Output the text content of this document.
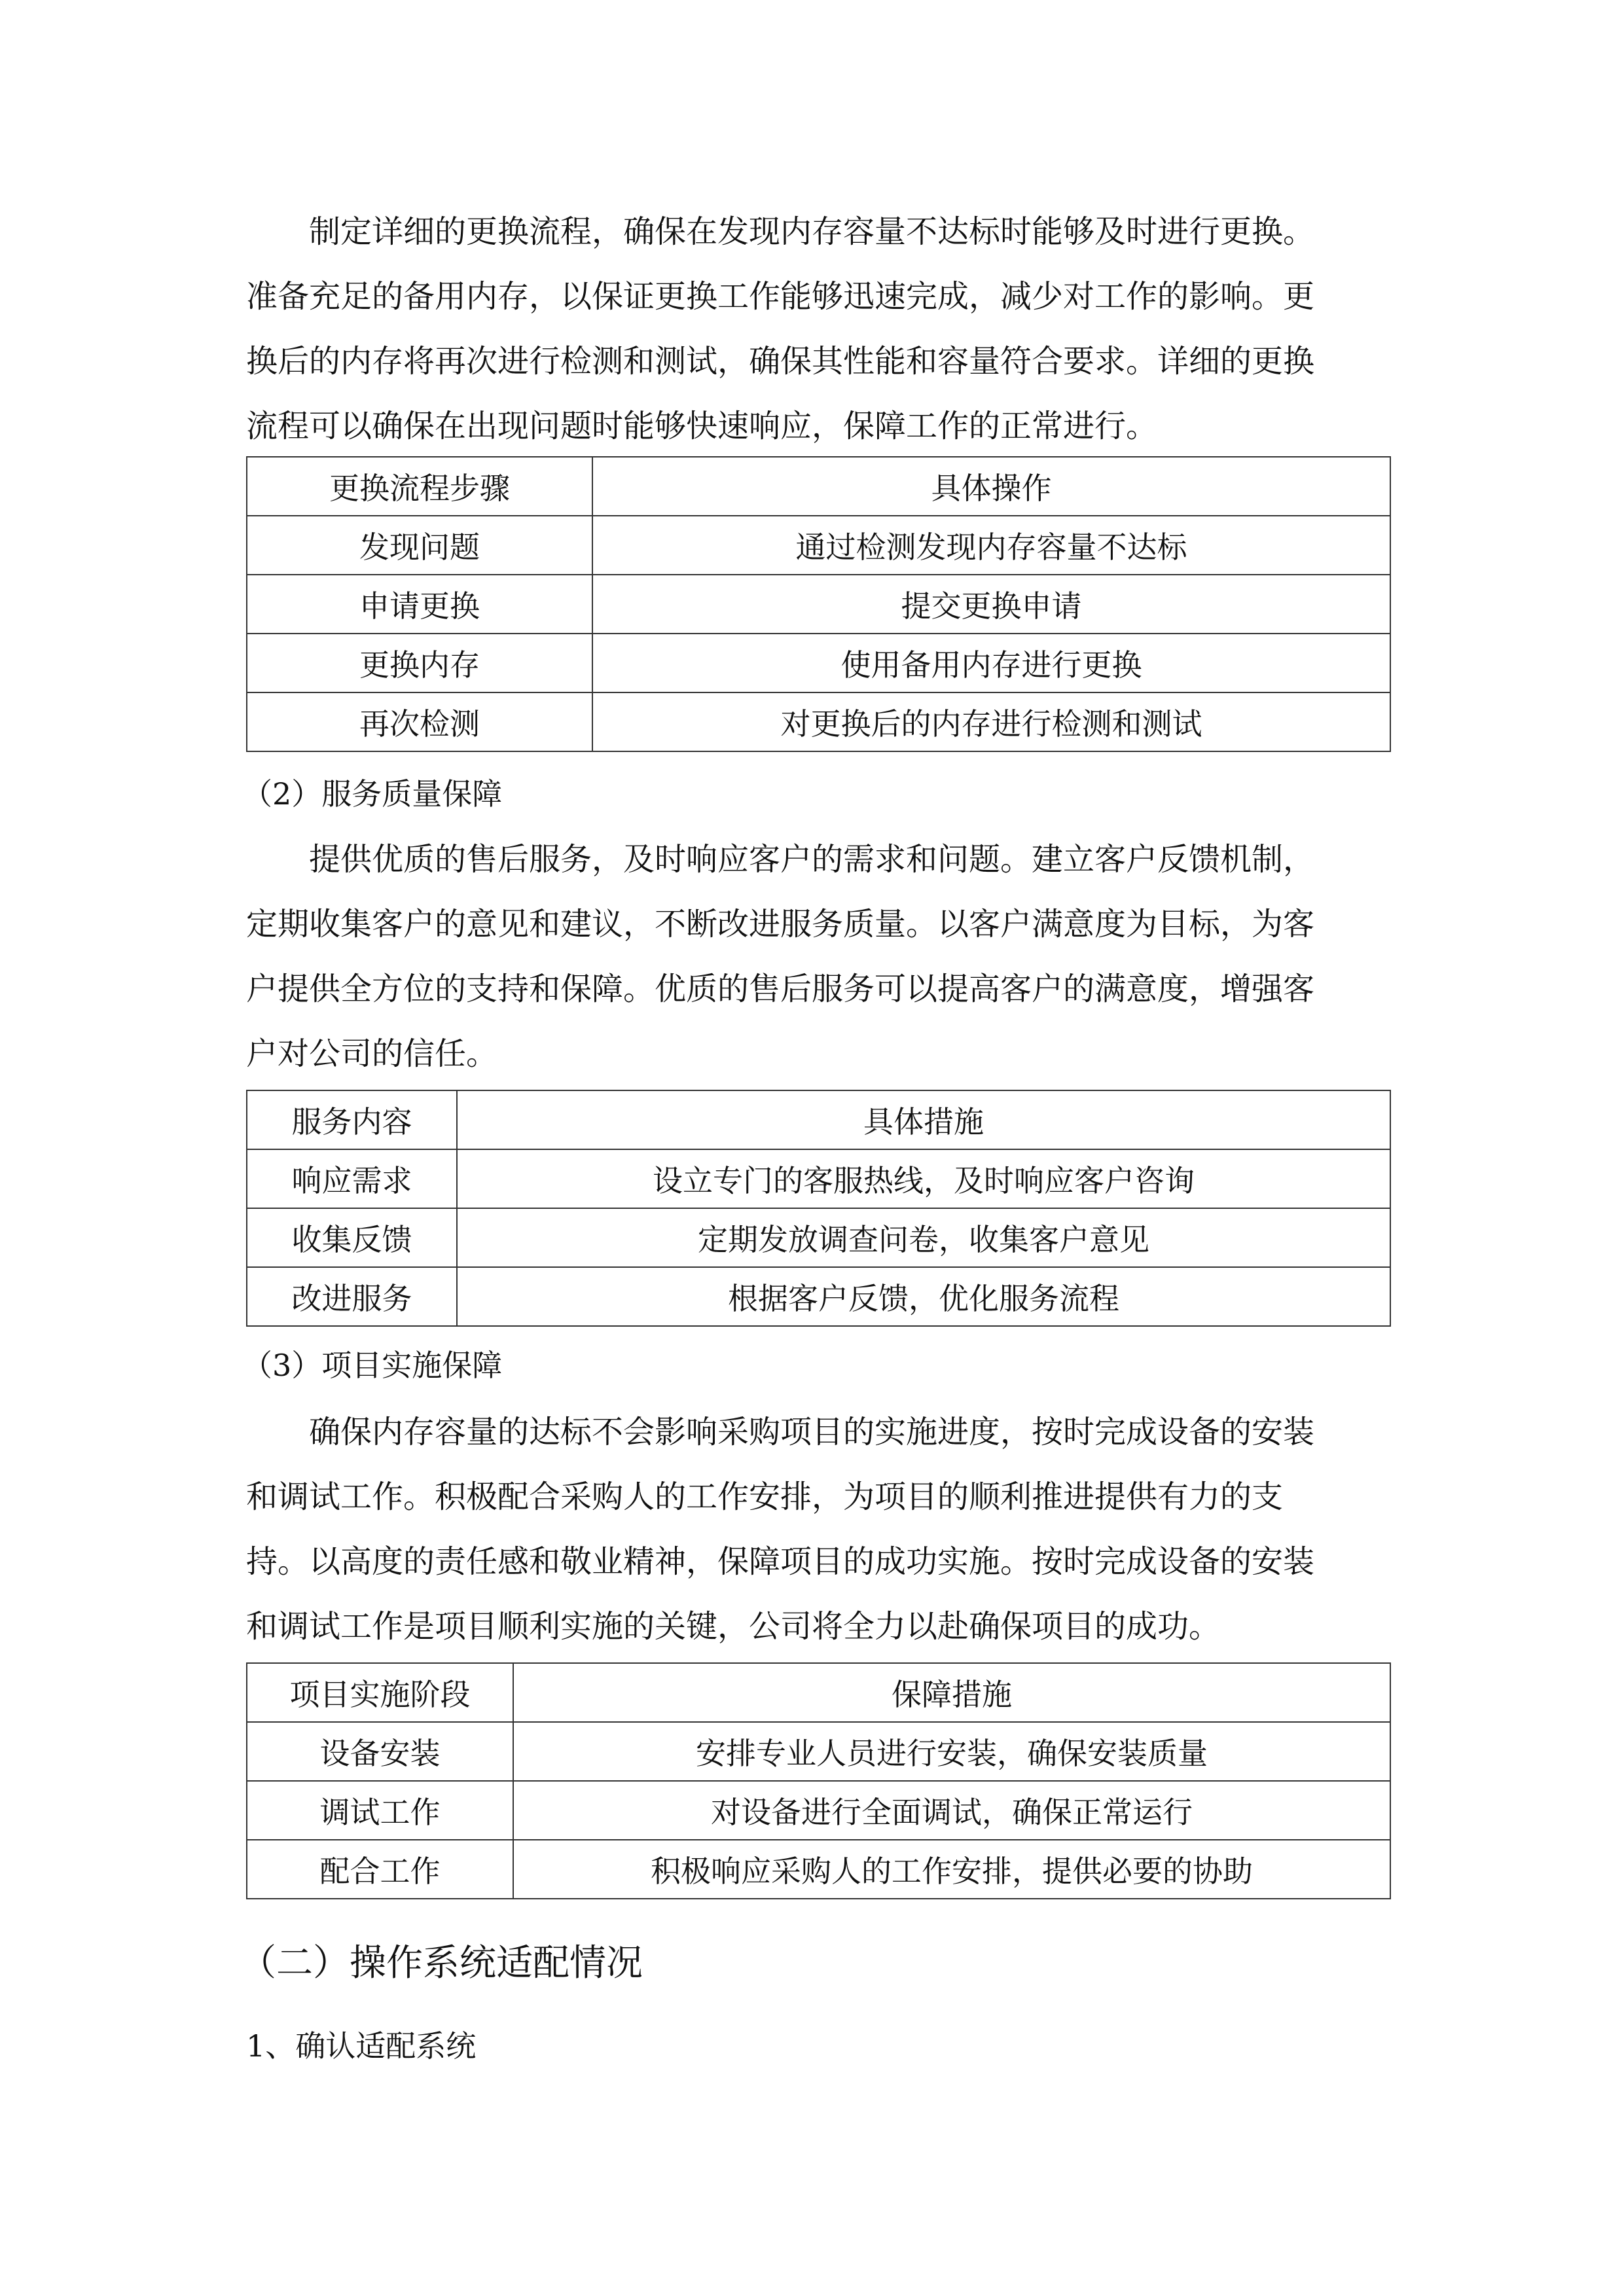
制定详细的更换流程，确保在发现内存容量不达标时能够及时进行更换。
准备充足的备用内存，以保证更换工作能够迅速完成，减少对工作的影响。更
换后的内存将再次进行检测和测试，确保其性能和容量符合要求。详细的更换
流程可以确保在出现问题时能够快速响应，保障工作的正常进行。
更换流程步骤	具体操作
发现问题	通过检测发现内存容量不达标
申请更换	提交更换申请
更换内存	使用备用内存进行更换
再次检测	对更换后的内存进行检测和测试

（2）服务质量保障

提供优质的售后服务，及时响应客户的需求和问题。建立客户反馈机制，
定期收集客户的意见和建议，不断改进服务质量。以客户满意度为目标，为客
户提供全方位的支持和保障。优质的售后服务可以提高客户的满意度，增强客
户对公司的信任。
服务内容	具体措施
响应需求	设立专门的客服热线，及时响应客户咨询
收集反馈	定期发放调查问卷，收集客户意见
改进服务	根据客户反馈，优化服务流程

（3）项目实施保障

确保内存容量的达标不会影响采购项目的实施进度，按时完成设备的安装
和调试工作。积极配合采购人的工作安排，为项目的顺利推进提供有力的支
持。以高度的责任感和敬业精神，保障项目的成功实施。按时完成设备的安装
和调试工作是项目顺利实施的关键，公司将全力以赴确保项目的成功。
项目实施阶段	保障措施
设备安装	安排专业人员进行安装，确保安装质量
调试工作	对设备进行全面调试，确保正常运行
配合工作	积极响应采购人的工作安排，提供必要的协助
（二）操作系统适配情况

1、确认适配系统
